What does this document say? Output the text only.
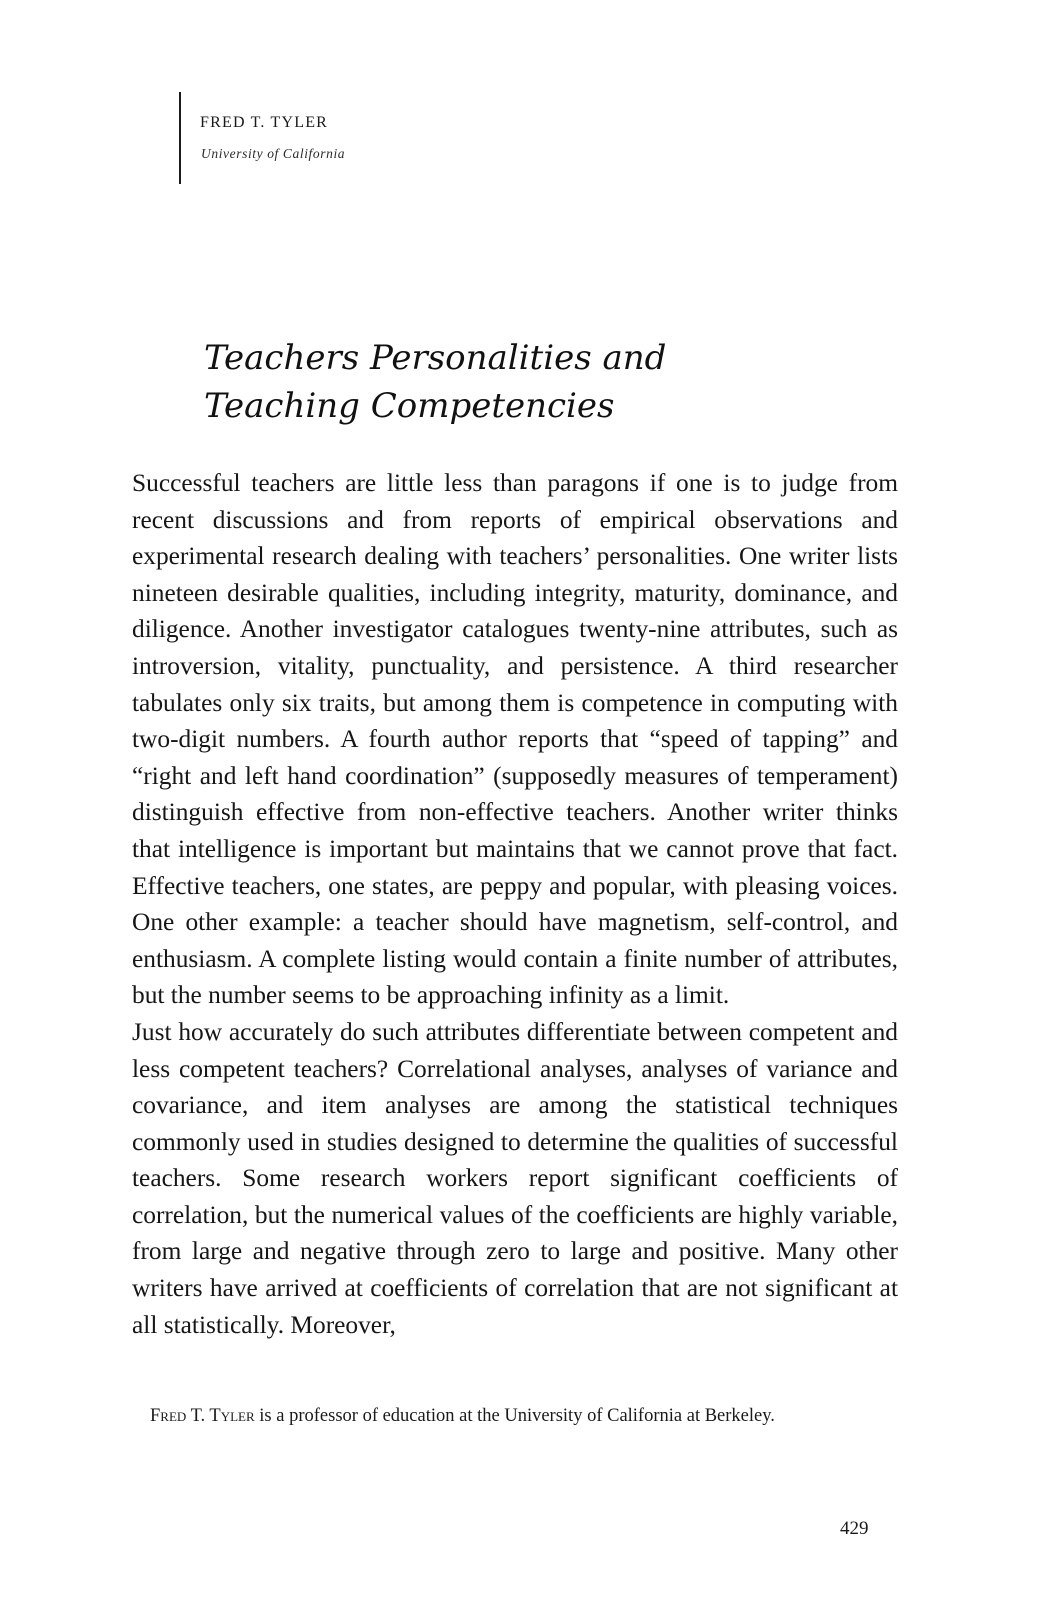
FRED T. TYLER
University of California
Teachers Personalities and
Teaching Competencies

Successful teachers are little less than paragons if one is to judge from recent discussions and from reports of empirical observations and experimental research dealing with teachers’ personalities. One writer lists nineteen desirable qualities, including integrity, maturity, dominance, and diligence. Another investigator catalogues twenty-nine attributes, such as introversion, vitality, punctuality, and persistence. A third researcher tabulates only six traits, but among them is competence in computing with two-digit numbers. A fourth author reports that “speed of tapping” and “right and left hand coordination” (supposedly measures of temperament) distinguish effective from non-effective teachers. Another writer thinks that intelligence is important but maintains that we cannot prove that fact. Effective teachers, one states, are peppy and popular, with pleasing voices. One other example: a teacher should have magnetism, self-control, and enthusiasm. A complete listing would contain a finite number of attributes, but the number seems to be approaching infinity as a limit.

Just how accurately do such attributes differentiate between competent and less competent teachers? Correlational analyses, analyses of variance and covariance, and item analyses are among the statistical techniques commonly used in studies designed to determine the qualities of successful teachers. Some research workers report significant coefficients of correlation, but the numerical values of the coefficients are highly variable, from large and negative through zero to large and positive. Many other writers have arrived at coefficients of correlation that are not significant at all statistically. Moreover,

Fred T. Tyler is a professor of education at the University of California at Berkeley.
429
